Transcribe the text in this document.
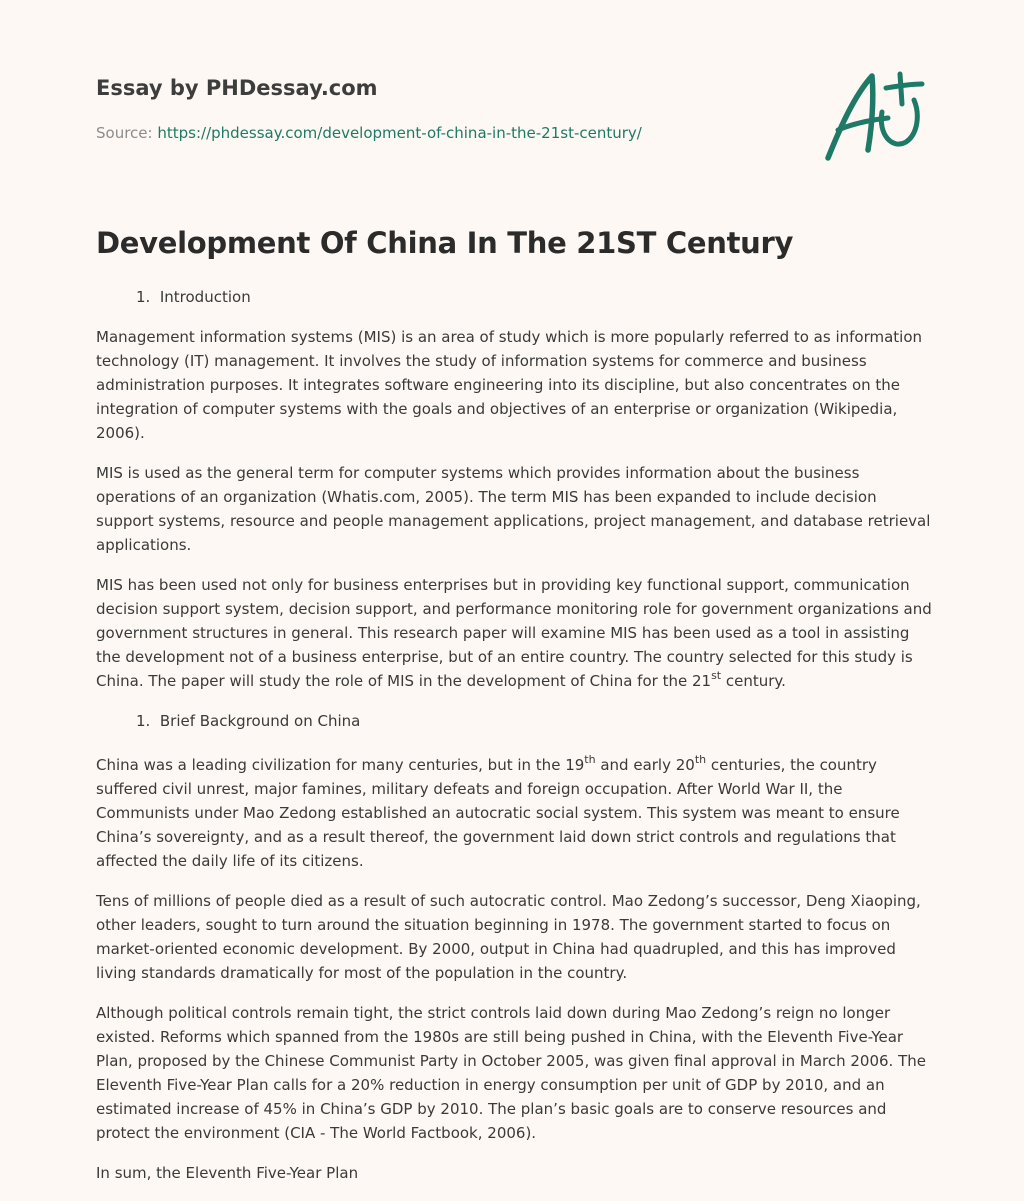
Essay by PHDessay.com
Source: https://phdessay.com/development-of-china-in-the-21st-century/
Development Of China In The 21ST Century
1. Introduction

Management information systems (MIS) is an area of study which is more popularly referred to as information technology (IT) management. It involves the study of information systems for commerce and business administration purposes. It integrates software engineering into its discipline, but also concentrates on the integration of computer systems with the goals and objectives of an enterprise or organization (Wikipedia, 2006).

MIS is used as the general term for computer systems which provides information about the business operations of an organization (Whatis.com, 2005). The term MIS has been expanded to include decision support systems, resource and people management applications, project management, and database retrieval applications.

MIS has been used not only for business enterprises but in providing key functional support, communication decision support system, decision support, and performance monitoring role for government organizations and government structures in general. This research paper will examine MIS has been used as a tool in assisting the development not of a business enterprise, but of an entire country. The country selected for this study is China. The paper will study the role of MIS in the development of China for the 21st century.

1. Brief Background on China

China was a leading civilization for many centuries, but in the 19th and early 20th centuries, the country suffered civil unrest, major famines, military defeats and foreign occupation. After World War II, the Communists under Mao Zedong established an autocratic social system. This system was meant to ensure China’s sovereignty, and as a result thereof, the government laid down strict controls and regulations that affected the daily life of its citizens.

Tens of millions of people died as a result of such autocratic control. Mao Zedong’s successor, Deng Xiaoping, other leaders, sought to turn around the situation beginning in 1978. The government started to focus on market-oriented economic development. By 2000, output in China had quadrupled, and this has improved living standards dramatically for most of the population in the country.

Although political controls remain tight, the strict controls laid down during Mao Zedong’s reign no longer existed. Reforms which spanned from the 1980s are still being pushed in China, with the Eleventh Five-Year Plan, proposed by the Chinese Communist Party in October 2005, was given final approval in March 2006. The Eleventh Five-Year Plan calls for a 20% reduction in energy consumption per unit of GDP by 2010, and an estimated increase of 45% in China’s GDP by 2010. The plan’s basic goals are to conserve resources and protect the environment (CIA - The World Factbook, 2006).

In sum, the Eleventh Five-Year Plan
